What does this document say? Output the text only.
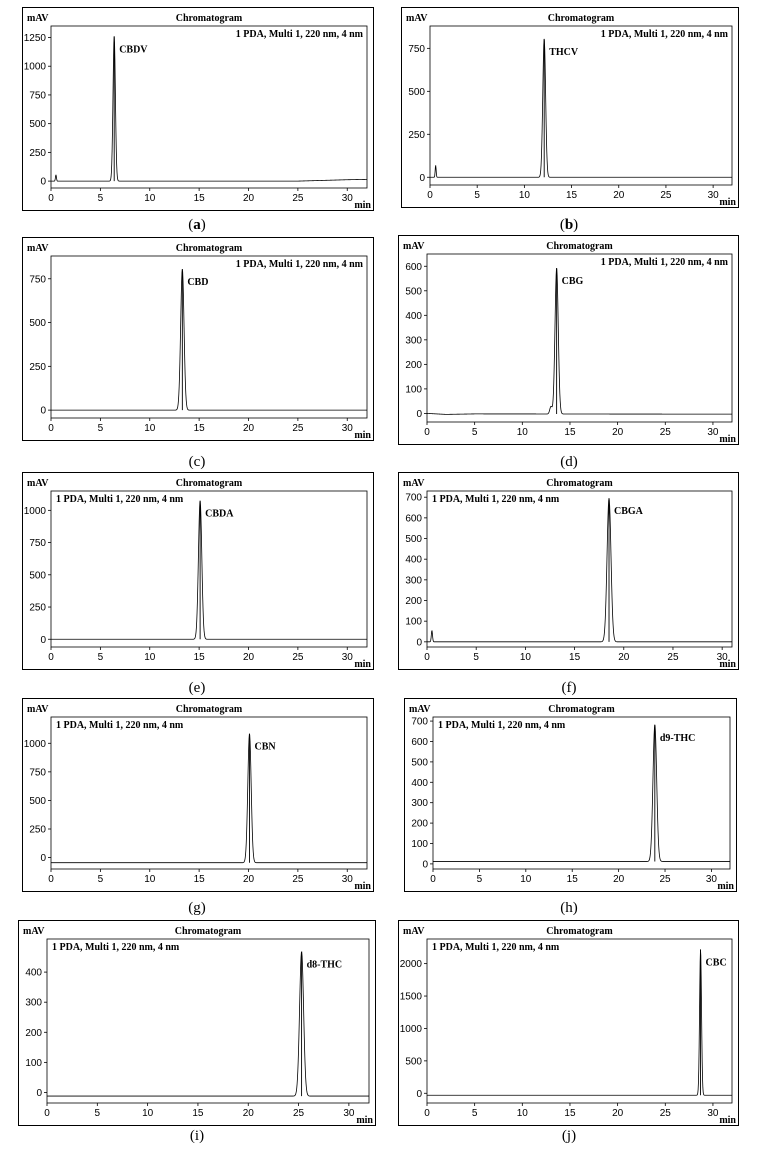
Chromatogram
mAV
min
1 PDA, Multi 1, 220 nm, 4 nm
0
250
500
750
1000
1250
0	5	10	15	20	25	30
CBDV
(a)
Chromatogram
mAV
min
1 PDA, Multi 1, 220 nm, 4 nm
0
250
500
750
0	5	10	15	20	25	30
THCV
(b)
Chromatogram
mAV
min
1 PDA, Multi 1, 220 nm, 4 nm
0
250
500
750
0	5	10	15	20	25	30
CBD
(c)
Chromatogram
mAV
min
1 PDA, Multi 1, 220 nm, 4 nm
0
100
200
300
400
500
600
0	5	10	15	20	25	30
CBG
(d)
Chromatogram
mAV
min
1 PDA, Multi 1, 220 nm, 4 nm
0
250
500
750
1000
0	5	10	15	20	25	30
CBDA
(e)
Chromatogram
mAV
min
1 PDA, Multi 1, 220 nm, 4 nm
0
100
200
300
400
500
600
700
0	5	10	15	20	25	30
CBGA
(f)
Chromatogram
mAV
min
1 PDA, Multi 1, 220 nm, 4 nm
0
250
500
750
1000
0	5	10	15	20	25	30
CBN
(g)
Chromatogram
mAV
min
1 PDA, Multi 1, 220 nm, 4 nm
0
100
200
300
400
500
600
700
0	5	10	15	20	25	30
d9-THC
(h)
Chromatogram
mAV
min
1 PDA, Multi 1, 220 nm, 4 nm
0
100
200
300
400
0	5	10	15	20	25	30
d8-THC
(i)
Chromatogram
mAV
min
1 PDA, Multi 1, 220 nm, 4 nm
0
500
1000
1500
2000
0	5	10	15	20	25	30
CBC
(j)
